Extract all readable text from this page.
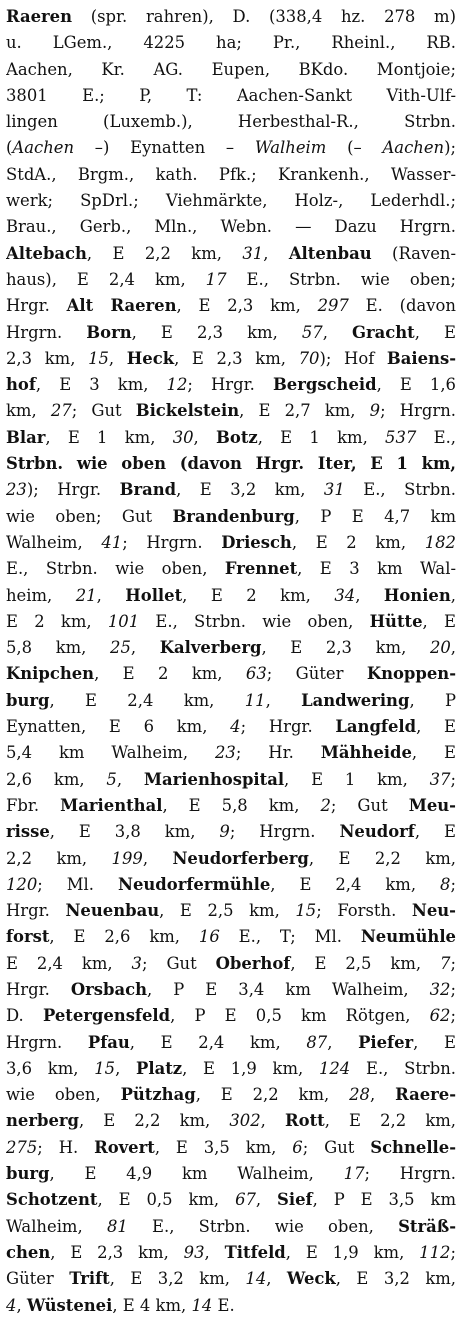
Raeren (spr. rahren), D. (338,4 hz. 278 m)
u. LGem., 4225 ha; Pr., Rheinl., RB.
Aachen, Kr. AG. Eupen, BKdo. Montjoie;
3801 E.; P, T: Aachen-Sankt Vith-Ulf-
lingen (Luxemb.), Herbesthal-R., Strbn.
(Aachen –) Eynatten – Walheim (– Aachen);
StdA., Brgm., kath. Pfk.; Krankenh., Wasser-
werk; SpDrl.; Viehmärkte, Holz-, Lederhdl.;
Brau., Gerb., Mln., Webn. — Dazu Hrgrn.
Altebach, E 2,2 km, 31, Altenbau (Raven-
haus), E 2,4 km, 17 E., Strbn. wie oben;
Hrgr. Alt Raeren, E 2,3 km, 297 E. (davon
Hrgrn. Born, E 2,3 km, 57, Gracht, E
2,3 km, 15, Heck, E 2,3 km, 70); Hof Baiens-
hof, E 3 km, 12; Hrgr. Bergscheid, E 1,6
km, 27; Gut Bickelstein, E 2,7 km, 9; Hrgrn.
Blar, E 1 km, 30, Botz, E 1 km, 537 E.,
Strbn. wie oben (davon Hrgr. Iter, E 1 km,
23); Hrgr. Brand, E 3,2 km, 31 E., Strbn.
wie oben; Gut Brandenburg, P E 4,7 km
Walheim, 41; Hrgrn. Driesch, E 2 km, 182
E., Strbn. wie oben, Frennet, E 3 km Wal-
heim, 21, Hollet, E 2 km, 34, Honien,
E 2 km, 101 E., Strbn. wie oben, Hütte, E
5,8 km, 25, Kalverberg, E 2,3 km, 20,
Knipchen, E 2 km, 63; Güter Knoppen-
burg, E 2,4 km, 11, Landwering, P
Eynatten, E 6 km, 4; Hrgr. Langfeld, E
5,4 km Walheim, 23; Hr. Mähheide, E
2,6 km, 5, Marienhospital, E 1 km, 37;
Fbr. Marienthal, E 5,8 km, 2; Gut Meu-
risse, E 3,8 km, 9; Hrgrn. Neudorf, E
2,2 km, 199, Neudorferberg, E 2,2 km,
120; Ml. Neudorfermühle, E 2,4 km, 8;
Hrgr. Neuenbau, E 2,5 km, 15; Forsth. Neu-
forst, E 2,6 km, 16 E., T; Ml. Neumühle
E 2,4 km, 3; Gut Oberhof, E 2,5 km, 7;
Hrgr. Orsbach, P E 3,4 km Walheim, 32;
D. Petergensfeld, P E 0,5 km Rötgen, 62;
Hrgrn. Pfau, E 2,4 km, 87, Piefer, E
3,6 km, 15, Platz, E 1,9 km, 124 E., Strbn.
wie oben, Pützhag, E 2,2 km, 28, Raere-
nerberg, E 2,2 km, 302, Rott, E 2,2 km,
275; H. Rovert, E 3,5 km, 6; Gut Schnelle-
burg, E 4,9 km Walheim, 17; Hrgrn.
Schotzent, E 0,5 km, 67, Sief, P E 3,5 km
Walheim, 81 E., Strbn. wie oben, Sträß-
chen, E 2,3 km, 93, Titfeld, E 1,9 km, 112;
Güter Trift, E 3,2 km, 14, Weck, E 3,2 km,
4, Wüstenei, E 4 km, 14 E.
